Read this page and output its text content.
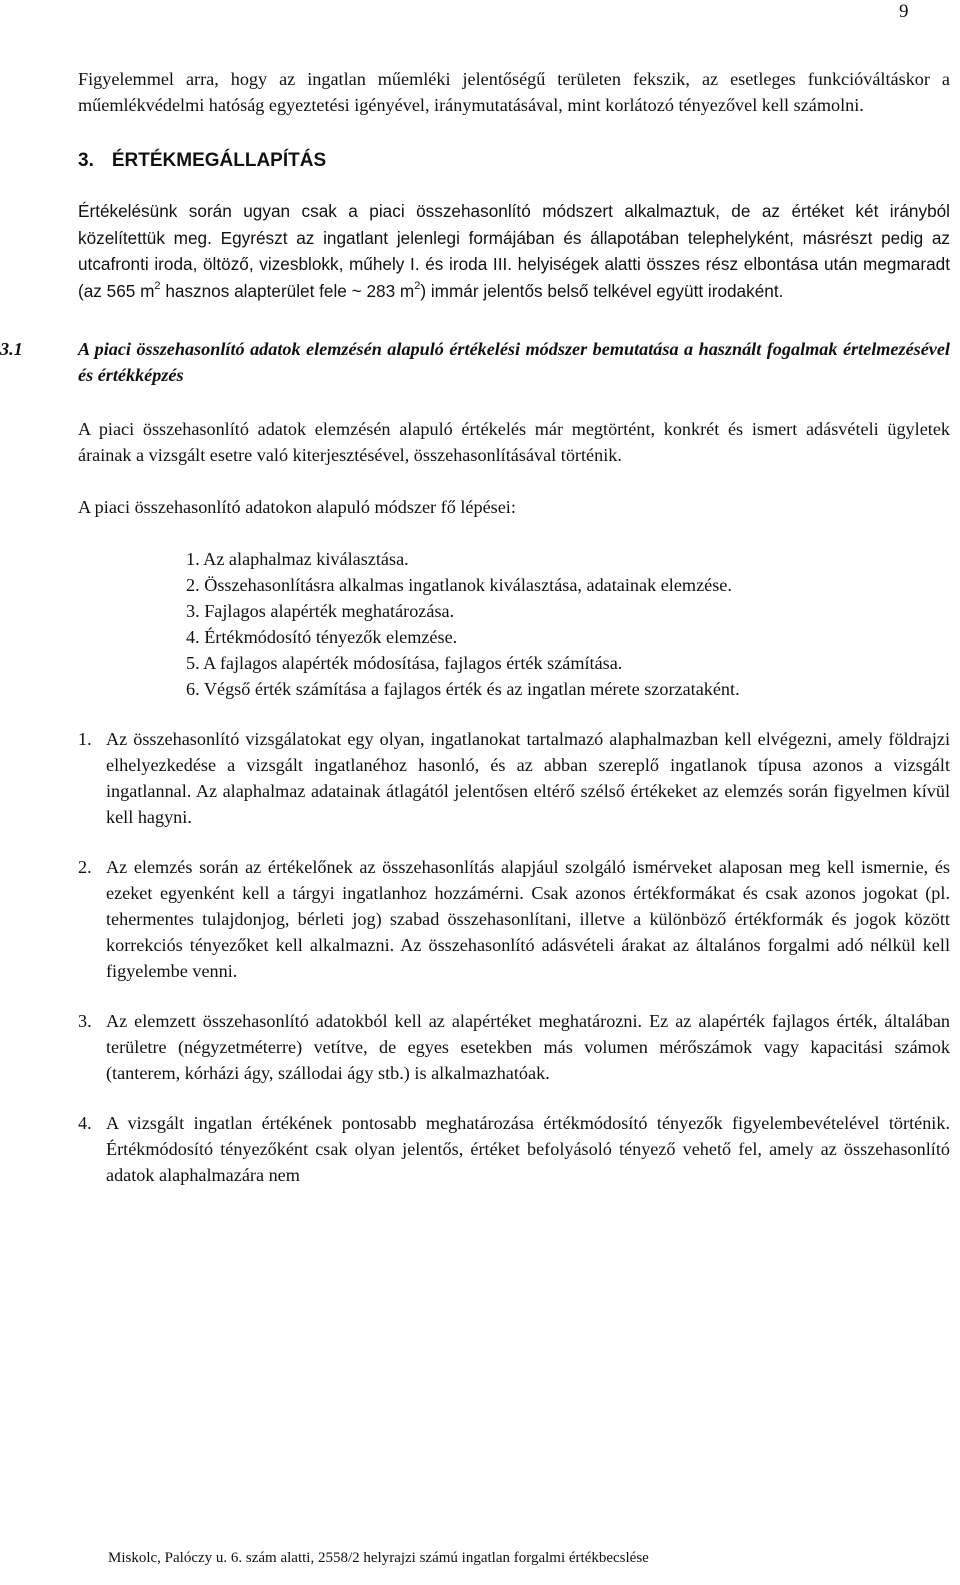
9

Figyelemmel arra, hogy az ingatlan műemléki jelentőségű területen fekszik, az esetleges funkcióváltáskor a műemlékvédelmi hatóság egyeztetési igényével, iránymutatásával, mint korlátozó tényezővel kell számolni.

3. ÉRTÉKMEGÁLLAPÍTÁS

Értékelésünk során ugyan csak a piaci összehasonlító módszert alkalmaztuk, de az értéket két irányból közelítettük meg. Egyrészt az ingatlant jelenlegi formájában és állapotában telephelyként, másrészt pedig az utcafronti iroda, öltöző, vizesblokk, műhely I. és iroda III. helyiségek alatti összes rész elbontása után megmaradt (az 565 $m^2$ hasznos alapterület fele ~ 283 $m^2$) immár jelentős belső telkével együtt irodaként.

3.1	A piaci összehasonlító adatok elemzésén alapuló értékelési módszer bemutatása a használt fogalmak értelmezésével és értékképzés

A piaci összehasonlító adatok elemzésén alapuló értékelés már megtörtént, konkrét és ismert adásvételi ügyletek árainak a vizsgált esetre való kiterjesztésével, összehasonlításával történik.

A piaci összehasonlító adatokon alapuló módszer fő lépései:

1. Az alaphalmaz kiválasztása.
2. Összehasonlításra alkalmas ingatlanok kiválasztása, adatainak elemzése.
3. Fajlagos alapérték meghatározása.
4. Értékmódosító tényezők elemzése.
5. A fajlagos alapérték módosítása, fajlagos érték számítása.
6. Végső érték számítása a fajlagos érték és az ingatlan mérete szorzataként.
1. Az összehasonlító vizsgálatokat egy olyan, ingatlanokat tartalmazó alaphalmazban kell elvégezni, amely földrajzi elhelyezkedése a vizsgált ingatlanéhoz hasonló, és az abban szereplő ingatlanok típusa azonos a vizsgált ingatlannal. Az alaphalmaz adatainak átlagától jelentősen eltérő szélső értékeket az elemzés során figyelmen kívül kell hagyni.
2. Az elemzés során az értékelőnek az összehasonlítás alapjául szolgáló ismérveket alaposan meg kell ismernie, és ezeket egyenként kell a tárgyi ingatlanhoz hozzámérni. Csak azonos értékformákat és csak azonos jogokat (pl. tehermentes tulajdonjog, bérleti jog) szabad összehasonlítani, illetve a különböző értékformák és jogok között korrekciós tényezőket kell alkalmazni. Az összehasonlító adásvételi árakat az általános forgalmi adó nélkül kell figyelembe venni.
3. Az elemzett összehasonlító adatokból kell az alapértéket meghatározni. Ez az alapérték fajlagos érték, általában területre (négyzetméterre) vetítve, de egyes esetekben más volumen mérőszámok vagy kapacitási számok (tanterem, kórházi ágy, szállodai ágy stb.) is alkalmazhatóak.
4. A vizsgált ingatlan értékének pontosabb meghatározása értékmódosító tényezők figyelembevételével történik. Értékmódosító tényezőként csak olyan jelentős, értéket befolyásoló tényező vehető fel, amely az összehasonlító adatok alaphalmazára nem
Miskolc, Palóczy u. 6. szám alatti, 2558/2 helyrajzi számú ingatlan forgalmi értékbecslése
